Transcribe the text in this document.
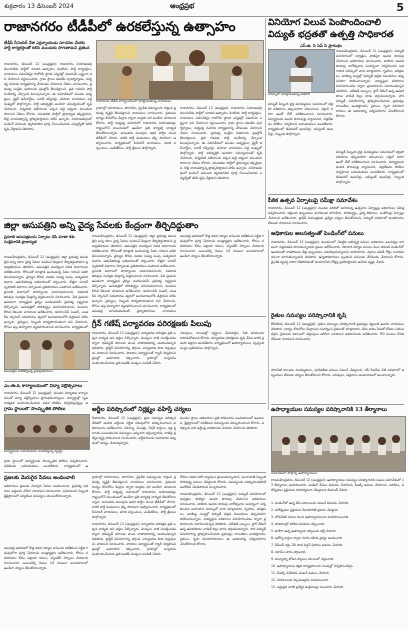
శుక్రవారం 13 డిసెంబర్ 2024	ఆంధ్రప్రభ	5
రాజానగరం టీడీపీలో ఉరకలేస్తున్న ఉత్సాహం
టీడీపీ సీనియర్ నేత ఎర్రన్నాయుడు సూచనల మేరకు పార్టీ కార్యకర్తలతో కలిసి ముందుకు సాగుతామని ప్రకటన

రాజానగరం, డిసెంబర్ 12 (ఆంధ్రప్రభ): రాజానగరం నియోజకవర్గ తెలుగుదేశం పార్టీలో నూతన ఉత్సాహం నెలకొంది. పార్టీ కార్యకర్తలు, నాయకులు సమావేశమై రాబోయే స్థానిక ఎన్నికల్లో విజయమే లక్ష్యంగా పని చేయాలని నిర్ణయించారు. గ్రామ స్థాయి కమిటీల పునర్నిర్మాణం, సభ్యత్వ నమోదు కార్యక్రమాన్ని వేగవంతం చేయాలని నేతలు సూచించారు. ప్రభుత్వ సంక్షేమ పథకాలను ప్రజల్లోకి తీసుకెళ్లాలని, ప్రతి గడపకు పార్టీ సందేశాన్ని చేర్చాలని పిలుపునిచ్చారు. ఈ సమావేశంలో మండల అధ్యక్షులు, క్లస్టర్ ఇన్‌చార్జ్‌లు, బూత్ కన్వీనర్లు, మహిళా నాయకులు పెద్ద సంఖ్యలో పాల్గొన్నారు. పార్టీ అభివృద్ధికి అందరూ సమన్వయంతో కృషి చేయాలని, చిన్నపాటి విభేదాలను పక్కన పెట్టి ఐక్యంగా ముందుకు సాగాలని నేతలు కోరారు. యువతకు పార్టీలో ప్రాధాన్యత కల్పిస్తామని, కొత్త నాయకత్వాన్ని ప్రోత్సహిస్తామని హామీ ఇచ్చారు. నియోజకవర్గంలో పెండింగ్ పనులను త్వరితగతిన పూర్తి చేయించేందుకు ఎమ్మెల్యేతో కలిసి కృషి చేస్తామని తెలిపారు.

రాజానగరం టీడీపీ కార్యాలయంలో మాట్లాడుతున్న నాయకులు

గ్రామాల్లో రహదారులు, తాగునీరు, డ్రైనేజీ సమస్యలను గుర్తించి ప్రభుత్వ దృష్టికి తీసుకెళ్లాలని నాయకులు సూచించారు. రైతులకు ధాన్యం కొనుగోలు కేంద్రాల ద్వారా మద్దతు ధర అందేలా చూడాలని కోరారు. పార్టీ సభ్యత్వ నమోదులో రాజానగరం నియోజకవర్గం రాష్ట్రంలోనే ముందంజలో ఉండేలా ప్రతి కార్యకర్త బాధ్యత తీసుకోవాలన్నారు. అనంతరం పలువురు ఇతర పార్టీల నుంచి టీడీపీలో చేరారు. వారికి పార్టీ కండువాలు కప్పి సాదరంగా ఆహ్వానించారు. కార్యక్రమంలో సీనియర్ నాయకులు, మాజీ సర్పంచులు, ఎంపీటీసీలు, పార్టీ శ్రేణులు పాల్గొన్నారు.

రాజానగరం, డిసెంబర్ 12 (ఆంధ్రప్రభ): రాజానగరం నియోజకవర్గ తెలుగుదేశం పార్టీలో నూతన ఉత్సాహం నెలకొంది. పార్టీ కార్యకర్తలు, నాయకులు సమావేశమై రాబోయే స్థానిక ఎన్నికల్లో విజయమే లక్ష్యంగా పని చేయాలని నిర్ణయించారు. గ్రామ స్థాయి కమిటీల పునర్నిర్మాణం, సభ్యత్వ నమోదు కార్యక్రమాన్ని వేగవంతం చేయాలని నేతలు సూచించారు. ప్రభుత్వ సంక్షేమ పథకాలను ప్రజల్లోకి తీసుకెళ్లాలని, ప్రతి గడపకు పార్టీ సందేశాన్ని చేర్చాలని పిలుపునిచ్చారు. ఈ సమావేశంలో మండల అధ్యక్షులు, క్లస్టర్ ఇన్‌చార్జ్‌లు, బూత్ కన్వీనర్లు, మహిళా నాయకులు పెద్ద సంఖ్యలో పాల్గొన్నారు. పార్టీ అభివృద్ధికి అందరూ సమన్వయంతో కృషి చేయాలని, చిన్నపాటి విభేదాలను పక్కన పెట్టి ఐక్యంగా ముందుకు సాగాలని నేతలు కోరారు. యువతకు పార్టీలో ప్రాధాన్యత కల్పిస్తామని, కొత్త నాయకత్వాన్ని ప్రోత్సహిస్తామని హామీ ఇచ్చారు. నియోజకవర్గంలో పెండింగ్ పనులను త్వరితగతిన పూర్తి చేయించేందుకు ఎమ్మెల్యేతో కలిసి కృషి చేస్తామని తెలిపారు.

వినియోగ విలువ పెంపొందించాలి
విద్యుత్ భద్రతతో ఉత్పత్తి సాధికారత
ఎస్.జి. సి సెప్ సి ప్రారంభం
సదస్సులో మాట్లాడుతున్న అధికారి

రాజమహేంద్రవరం, డిసెంబర్ 12 (ఆంధ్రప్రభ): విద్యుత్ వినియోగంలో జాగ్రత్తలు పాటిస్తూ ఇంధన పొదుపు చేయాలని అధికారులు సూచించారు. జాతీయ ఇంధన పొదుపు వారోత్సవాల సందర్భంగా నిర్వహించిన అవగాహన సదస్సులో వారు మాట్లాడారు. గృహాలు, పరిశ్రమలు, వాణిజ్య సంస్థల్లో విద్యుత్ భద్రత నిబంధనలు తప్పనిసరిగా పాటించాలన్నారు. నాణ్యమైన పరికరాలు వినియోగించడం ద్వారా ప్రమాదాలను నివారించవచ్చని తెలిపారు. ఎల్ఈడీ బల్బులు, స్టార్ రేటింగ్ ఉన్న ఉపకరణాలు వాడితే బిల్లు భారం తగ్గుతుందన్నారు. సౌర విద్యుత్ వినియోగాన్ని ప్రోత్సహించేందుకు ప్రభుత్వం రాయితీలు అందిస్తోందని, రైతులు, గృహ వినియోగదారులు ఈ అవకాశాన్ని సద్వినియోగం చేసుకోవాలని కోరారు.

విద్యుత్ సిబ్బంది లైన్ల మరమ్మతుల సమయంలో భద్రతా పరికరాలు తప్పనిసరిగా ధరించాలని, ఎర్తింగ్ సరిగా ఉందో లేదో పరిశీలించాలని సూచించారు. విద్యార్థులకు ఇంధన పొదుపుపై వ్యాసరచన, చిత్రలేఖనం పోటీలు నిర్వహించి బహుమతులు అందజేశారు. కార్యక్రమంలో డివిజనల్ ఇంజనీర్లు, అసిస్టెంట్ ఇంజనీర్లు, సిబ్బంది పాల్గొన్నారు.

విద్యుత్ సిబ్బంది లైన్ల మరమ్మతుల సమయంలో భద్రతా పరికరాలు తప్పనిసరిగా ధరించాలని, ఎర్తింగ్ సరిగా ఉందో లేదో పరిశీలించాలని సూచించారు. విద్యార్థులకు ఇంధన పొదుపుపై వ్యాసరచన, చిత్రలేఖనం పోటీలు నిర్వహించి బహుమతులు అందజేశారు. కార్యక్రమంలో డివిజనల్ ఇంజనీర్లు, అసిస్టెంట్ ఇంజనీర్లు, సిబ్బంది పాల్గొన్నారు.

పీఠిక ఉత్సవ ఏర్పాటుపై సమీక్షా సమావేశం

రాజానగరం, డిసెంబర్ 12 (ఆంధ్రప్రభ): మండల పరిధిలో జరగనున్న ఉత్సవాల ఏర్పాట్లపై అధికారులు సమీక్ష నిర్వహించారు. భక్తులకు ఇబ్బందులు కలగకుండా తాగునీరు, పారిశుద్ధ్యం, వైద్య శిబిరాలు, బందోబస్తు ఏర్పాట్లు చేయాలని ఆదేశించారు. ట్రాఫిక్ నియంత్రణకు ప్రత్యేక చర్యలు తీసుకోవాలని, విద్యుత్ సరఫరాలో అంతరాయం లేకుండా చూడాలని సూచించారు.

జిల్లా ఆసుపత్రిని అన్ని వైద్య సేవలకు కేంద్రంగా తీర్చిదిద్దుతాం
ప్రసూతి ఆసుపత్రులను ఏర్పాటు చేసి మాతా శిశు సంక్షేమానికి ప్రాధాన్యత

రాజమహేంద్రవరం, డిసెంబర్ 12 (ఆంధ్రప్రభ): జిల్లా ప్రభుత్వ ఆసుపత్రిని అన్ని రకాల వైద్య సేవలు అందించే కేంద్రంగా తీర్చిదిద్దుతామని ప్రజాప్రతినిధులు తెలిపారు. ఆసుపత్రిని సందర్శించి వివిధ విభాగాలను పరిశీలించారు. రోగులతో మాట్లాడి అందుతున్న సేవల గురించి అడిగి తెలుసుకున్నారు. వైద్యుల కొరత, పడకల సంఖ్య పెంపు, అత్యవసర విభాగం ఆధునీకరణపై అధికారులతో చర్చించారు. కొత్తగా సూపర్ స్పెషాలిటీ విభాగాల ఏర్పాటుకు ప్రతిపాదనలు పంపాలని ఆదేశించారు. ప్రసూతి విభాగంలో సౌకర్యాలను మెరుగుపరచాలని, నవజాత శిశువుల సంరక్షణ కేంద్రాన్ని విస్తరించాలని సూచించారు. పేద ప్రజలకు ఉచితంగా నాణ్యమైన వైద్యం అందించడమే ప్రభుత్వ లక్ష్యమని పేర్కొన్నారు. ఆసుపత్రిలో పారిశుద్ధ్యం మెరుగుపరచాలని, మందుల కొరత లేకుండా చూడాలని ఆదేశించారు. డయాలసిస్ సెంటర్, ఎంఆర్ఐ స్కానింగ్ సదుపాయం త్వరలో అందుబాటులోకి తెస్తామని హామీ ఇచ్చారు. వైద్యులు, సిబ్బంది బాధ్యతాయుతంగా పని చేయాలని, రోగుల పట్ల మర్యాదగా వ్యవహరించాలని సూచించారు. కార్యక్రమంలో

ఆసుపత్రిని పరిశీలిస్తున్న ప్రజాప్రతినిధులు

రాజమహేంద్రవరం, డిసెంబర్ 12 (ఆంధ్రప్రభ): జిల్లా ప్రభుత్వ ఆసుపత్రిని అన్ని రకాల వైద్య సేవలు అందించే కేంద్రంగా తీర్చిదిద్దుతామని ప్రజాప్రతినిధులు తెలిపారు. ఆసుపత్రిని సందర్శించి వివిధ విభాగాలను పరిశీలించారు. రోగులతో మాట్లాడి అందుతున్న సేవల గురించి అడిగి తెలుసుకున్నారు. వైద్యుల కొరత, పడకల సంఖ్య పెంపు, అత్యవసర విభాగం ఆధునీకరణపై అధికారులతో చర్చించారు. కొత్తగా సూపర్ స్పెషాలిటీ విభాగాల ఏర్పాటుకు ప్రతిపాదనలు పంపాలని ఆదేశించారు. ప్రసూతి విభాగంలో సౌకర్యాలను మెరుగుపరచాలని, నవజాత శిశువుల సంరక్షణ కేంద్రాన్ని విస్తరించాలని సూచించారు. పేద ప్రజలకు ఉచితంగా నాణ్యమైన వైద్యం అందించడమే ప్రభుత్వ లక్ష్యమని పేర్కొన్నారు. ఆసుపత్రిలో పారిశుద్ధ్యం మెరుగుపరచాలని, మందుల కొరత లేకుండా చూడాలని ఆదేశించారు. డయాలసిస్ సెంటర్, ఎంఆర్ఐ స్కానింగ్ సదుపాయం త్వరలో అందుబాటులోకి తెస్తామని హామీ ఇచ్చారు. వైద్యులు, సిబ్బంది బాధ్యతాయుతంగా పని చేయాలని, రోగుల పట్ల మర్యాదగా వ్యవహరించాలని సూచించారు. కార్యక్రమంలో ఆసుపత్రి సూపరింటెండెంట్, వైద్యాధికారులు, నాయకులు

ఆసుపత్రి ఆవరణలో కొత్త భవన నిర్మాణ పనులను పరిశీలించి నిర్ణీత గడువులోగా పూర్తి చేయాలని కాంట్రాక్టర్లను ఆదేశించారు. రోగుల సహాయకుల కోసం విశ్రాంతి గదులు, క్యాంటీన్ ఏర్పాటు చేయాలని సూచించారు. అంబులెన్స్ సేవలు 24 గంటలూ అందుబాటులో ఉండేలా చర్యలు తీసుకోవాలన్నారు.

గ్రీన్ గణేష్ పర్యావరణ పరిరక్షణకు పిలుపు

రాజానగరం, డిసెంబర్ 12 (ఆంధ్రప్రభ): పర్యావరణ పరిరక్షణ ప్రతి ఒక్కరి బాధ్యత అని వక్తలు పేర్కొన్నారు. మొక్కలు నాటి సంరక్షించడం ద్వారా భవిష్యత్ తరాలకు మంచి వాతావరణాన్ని అందించవచ్చని తెలిపారు. ప్లాస్టిక్ వినియోగాన్ని తగ్గించి, పర్యావరణ హిత వస్తువులను వాడాలని సూచించారు. పాఠశాల విద్యార్థులతో ర్యాలీ నిర్వహించి ప్రజల్లో అవగాహన కల్పించారు. గ్రామాల్లో పచ్చదనం పెంపొందించేందుకు ప్రతి ఇంటికి మొక్కలు పంపిణీ చేశారు.

చెరువులు, కాలువల్లో వ్యర్థాలు వేయవద్దని, నీటి వనరులను కాపాడుకోవాలని కోరారు. పర్యావరణ పరిరక్షణకు కృషి చేసిన వారికి ప్రశంసా పత్రాలు అందజేశారు. కార్యక్రమంలో ఉపాధ్యాయులు, స్వచ్ఛంద సంస్థల ప్రతినిధులు పాల్గొన్నారు.

ఎం.ఈ.ఓ కార్యాలయంలో విద్యా పక్షోత్సవాలు

రాజానగరం, డిసెంబర్ 12 (ఆంధ్రప్రభ): మండల విద్యాశాఖ కార్యాలయంలో విద్యా పక్షోత్సవాలు ప్రారంభమయ్యాయి. విద్యార్థుల్లో సృజనాత్మకత పెంపొందించేందుకు వివిధ పోటీలు నిర్వహిస్తున్నట్లు అ

గ్రామ స్థాయిలో సాంస్కృతిక పోటీలు
విద్యార్థులకు బహుమతులు అందజేస్తున్న దృశ్యం

గ్రామ స్థాయిలో విద్యార్థులకు సాంస్కృతిక పోటీలు నిర్వహించారు. విజేతలకు బహుమతులు అందజేశారు. కార్యక్రమంలో ఉ

అర్జీల పరిష్కారంలో నిర్లక్ష్యం వహిస్తే చర్యలు

సీతానగరం, డిసెంబర్ 12 (ఆంధ్రప్రభ): ప్రజా సమస్యల పరిష్కార వేదికలో అందిన అర్జీలను నిర్ణీత గడువులోగా పరిష్కరించాలని అధికారులను ఆదేశించారు. రెవెన్యూ, పింఛన్లు, రేషన్ కార్డులు, ఇళ్ల స్థలాలకు సంబంధించిన సమస్యలు ఎక్కువగా వస్తున్నాయని, వాటిపై ప్రత్యేక దృష్టి సారించాలని సూచించారు. అర్జీదారులకు సమాధానం ఇవ్వడంలో జాప్యం చేయవద్దన్నారు.

మండల స్థాయి అధికారులు ప్రతి సోమవారం అందుబాటులో ఉండాలని, క్షేత్రస్థాయిలో పరిశీలించి సమస్యలను పరిష్కరించాలని కోరారు. పరిష్కారం కాని అర్జీలపై కారణాలను నమోదు చేయాలని తెలిపారు.

అధికారుల అలసత్వంతో పెండింగ్‌లో పనులు

రాజానగరం, డిసెంబర్ 12 (ఆంధ్రప్రభ): మండలంలో చేపట్టిన అభివృద్ధి పనులు అధికారుల అలసత్వం కారణంగా నత్తనడకన సాగుతున్నాయని ప్రజలు ఆరోపించారు. రహదారి నిర్మాణ పనులు నెలల తరబడి పెండింగ్‌లో ఉండటంతో రాకపోకలకు తీవ్ర ఇబ్బందులు ఎదురవుతున్నాయని వాపోయారు. వర్షాలు పడితే రోడ్లు బురదమయంగా మారుతున్నాయని తెలిపారు. ఉన్నతాధికారులు స్పందించి పనులను వేగవంతం చేయాలని కోరారు. డ్రైనేజీ వ్యవస్థ సరిగా లేకపోవడంతో మురుగునీరు రోడ్లపై ప్రవహిస్తోందని ఆవేదన వ్యక్తం చేశారు.

రైతుల సమస్యల పరిష్కారానికి కృషి

కోరుకొండ, డిసెంబర్ 12 (ఆంధ్రప్రభ): రైతుల సమస్యల పరిష్కారానికి ప్రభుత్వం కట్టుబడి ఉందని నాయకులు తెలిపారు. ధాన్యం కొనుగోలు కేంద్రాలను సందర్శించి రైతులతో మాట్లాడారు. తేమ శాతం పేరుతో కోతలు విధించవద్దని, రైతులకు సకాలంలో చెల్లింపులు జరిగేలా చూడాలని అధికారులను ఆదేశించారు. గోనె సంచుల కొరత లేకుండా చూడాలని సూచించారు.

సాగునీటి కాలువల మరమ్మతులు, పూడికతీత పనులు వెంటనే చేపట్టాలని, రబీ సీజన్‌కు నీటి సరఫరాలో ఇబ్బందులు లేకుండా చర్యలు తీసుకోవాలని కోరారు. ఎరువులు, విత్తనాలు అందుబాటులో ఉంచాలన్నారు.

ఉపాధ్యాయుల సమస్యల పరిష్కారానికి 13 తీర్మానాలు
సమావేశంలో పాల్గొన్న ఉపాధ్యాయులు
ప్రజలకు మెరుగైన సేవలు అందించాలి

అధికారులు ప్రజలకు మెరుగైన సేవలు అందించాలని, ప్రభుత్వ పథకాలు అర్హులకు చేరేలా చూడాలని సూచించారు. సచివాలయ సిబ్బంది క్షేత్రస్థాయిలో పర్యటించి సమస్యలు తెలుసుకోవాలన్నారు.

ఆసుపత్రి ఆవరణలో కొత్త భవన నిర్మాణ పనులను పరిశీలించి నిర్ణీత గడువులోగా పూర్తి చేయాలని కాంట్రాక్టర్లను ఆదేశించారు. రోగుల సహాయకుల కోసం విశ్రాంతి గదులు, క్యాంటీన్ ఏర్పాటు చేయాలని సూచించారు. అంబులెన్స్ సేవలు 24 గంటలూ అందుబాటులో ఉండేలా చర్యలు తీసుకోవాలన్నారు.

గ్రామాల్లో రహదారులు, తాగునీరు, డ్రైనేజీ సమస్యలను గుర్తించి ప్రభుత్వ దృష్టికి తీసుకెళ్లాలని నాయకులు సూచించారు. రైతులకు ధాన్యం కొనుగోలు కేంద్రాల ద్వారా మద్దతు ధర అందేలా చూడాలని కోరారు. పార్టీ సభ్యత్వ నమోదులో రాజానగరం నియోజకవర్గం రాష్ట్రంలోనే ముందంజలో ఉండేలా ప్రతి కార్యకర్త బాధ్యత తీసుకోవాలన్నారు. అనంతరం పలువురు ఇతర పార్టీల నుంచి టీడీపీలో చేరారు. వారికి పార్టీ కండువాలు కప్పి సాదరంగా ఆహ్వానించారు. కార్యక్రమంలో సీనియర్ నాయకులు, మాజీ సర్పంచులు, ఎంపీటీసీలు, పార్టీ శ్రేణులు పాల్గొన్నారు.

రాజానగరం, డిసెంబర్ 12 (ఆంధ్రప్రభ): పర్యావరణ పరిరక్షణ ప్రతి ఒక్కరి బాధ్యత అని వక్తలు పేర్కొన్నారు. మొక్కలు నాటి సంరక్షించడం ద్వారా భవిష్యత్ తరాలకు మంచి వాతావరణాన్ని అందించవచ్చని తెలిపారు. ప్లాస్టిక్ వినియోగాన్ని తగ్గించి, పర్యావరణ హిత వస్తువులను వాడాలని సూచించారు. పాఠశాల విద్యార్థులతో ర్యాలీ నిర్వహించి ప్రజల్లో అవగాహన కల్పించారు. గ్రామాల్లో పచ్చదనం పెంపొందించేందుకు ప్రతి ఇంటికి మొక్కలు పంపిణీ చేశారు.

దోమల బెడద పెరిగి వ్యాధులు ప్రబలుతున్నాయని, పంచాయతీ సిబ్బంది పారిశుద్ధ్య పనులు చేపట్టాలని కోరారు. సమస్యలను పరిష్కరించకపోతే ఆందోళన చేపడతామని హెచ్చరించారు.

రాజమహేంద్రవరం, డిసెంబర్ 12 (ఆంధ్రప్రభ): విద్యుత్ వినియోగంలో జాగ్రత్తలు పాటిస్తూ ఇంధన పొదుపు చేయాలని అధికారులు సూచించారు. జాతీయ ఇంధన పొదుపు వారోత్సవాల సందర్భంగా నిర్వహించిన అవగాహన సదస్సులో వారు మాట్లాడారు. గృహాలు, పరిశ్రమలు, వాణిజ్య సంస్థల్లో విద్యుత్ భద్రత నిబంధనలు తప్పనిసరిగా పాటించాలన్నారు. నాణ్యమైన పరికరాలు వినియోగించడం ద్వారా ప్రమాదాలను నివారించవచ్చని తెలిపారు. ఎల్ఈడీ బల్బులు, స్టార్ రేటింగ్ ఉన్న ఉపకరణాలు వాడితే బిల్లు భారం తగ్గుతుందన్నారు. సౌర విద్యుత్ వినియోగాన్ని ప్రోత్సహించేందుకు ప్రభుత్వం రాయితీలు అందిస్తోందని, రైతులు, గృహ వినియోగదారులు ఈ అవకాశాన్ని సద్వినియోగం చేసుకోవాలని కోరారు.

రాజమహేంద్రవరం, డిసెంబర్ 12 (ఆంధ్రప్రభ): ఉపాధ్యాయుల సమస్యల పరిష్కారానికి సంఘం సమావేశంలో 13 తీర్మానాలు ఆమోదించారు. పెండింగ్ డీఏలు విడుదల చేయాలని, పీఆర్సీ అమలు చేయాలని, బదిలీలు, పదోన్నతుల ప్రక్రియను పారదర్శకంగా చేపట్టాలని డిమాండ్ చేశారు.

1. పెండింగ్‌లో ఉన్న డీఏ బకాయిలను వెంటనే విడుదల చేయాలి.

2. పదోన్నతుల ప్రక్రియను సీనియారిటీ ప్రకారం చేపట్టాలి.

3. బోధనేతర పనుల నుంచి ఉపాధ్యాయులను మినహాయించాలి.

4. పాఠశాలల్లో మౌలిక వసతులు కల్పించాలి.

5. ఖాళీగా ఉన్న ఉపాధ్యాయ పోస్టులను భర్తీ చేయాలి.

6. ఆరోగ్య కార్డుల ద్వారా నగదు రహిత వైద్యం అందించాలి.

7. సీపీఎస్ రద్దు చేసి పాత పెన్షన్ విధానం అమలు చేయాలి.

8. యాప్‌ల భారం తగ్గించాలి.

9. మధ్యాహ్న భోజన బిల్లులు సకాలంలో చెల్లించాలి.

10. ఉపాధ్యాయుల శిక్షణ కార్యక్రమాలను సెలవుల్లో నిర్వహించవద్దు.

11. పీఆర్సీ నివేదికను వెంటనే అమలు చేయాలి.

12. పాఠశాలలకు స్కావెంజర్లను నియమించాలి.

13. అర్హులైన వారికి ప్రత్యేక ఇంక్రిమెంట్లు మంజూరు చేయాలి.
